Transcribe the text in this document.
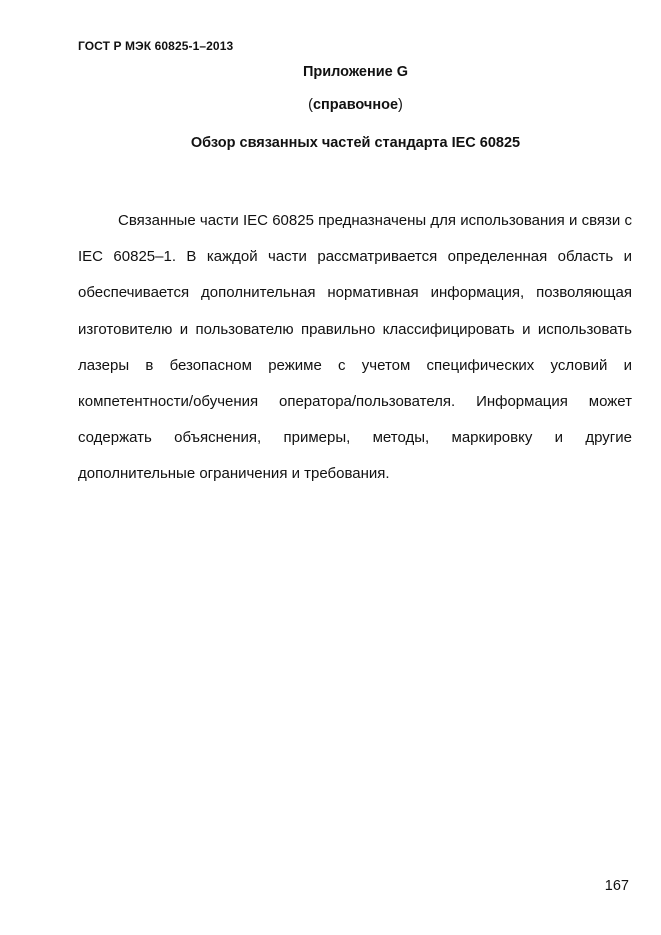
ГОСТ Р МЭК 60825-1–2013
Приложение G
(справочное)
Обзор связанных частей стандарта IEC 60825

Связанные части IEC 60825 предназначены для использования и связи с IEC 60825–1. В каждой части рассматривается определенная область и обеспечивается дополнительная нормативная информация, позволяющая изготовителю и пользователю правильно классифицировать и использовать лазеры в безопасном режиме с учетом специфических условий и компетентности/обучения оператора/пользователя. Информация может содержать объяснения, примеры, методы, маркировку и другие дополнительные ограничения и требования.

167
